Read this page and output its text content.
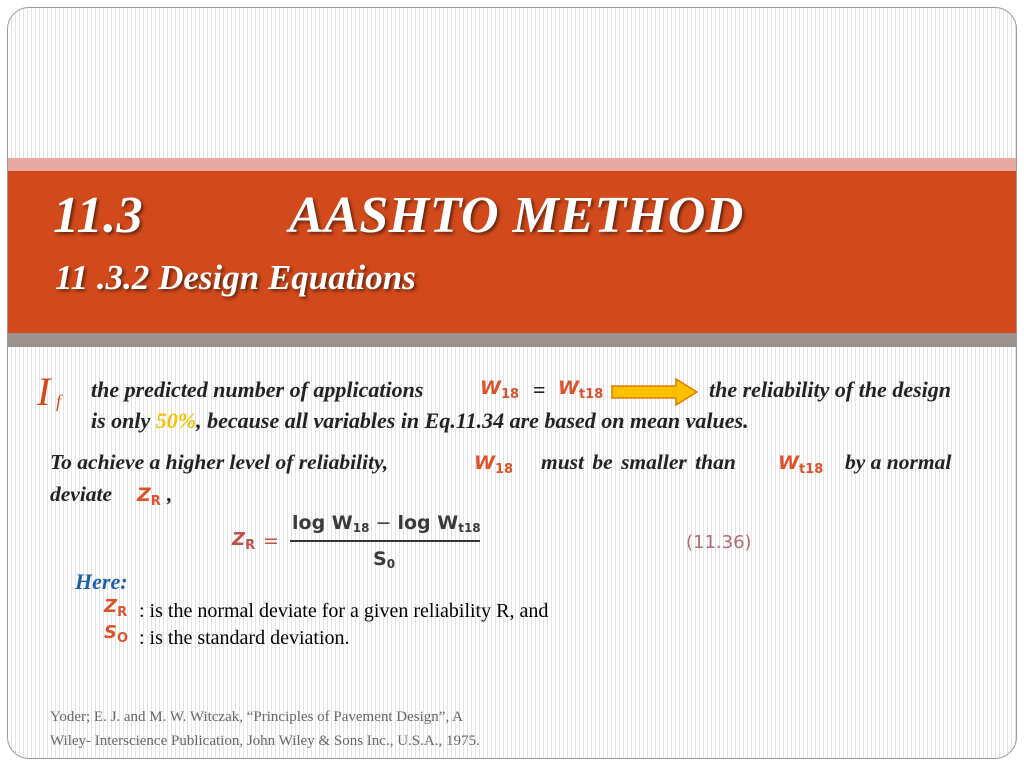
11.3	AASHTO METHOD
11 .3.2 Design Equations
I f the predicted number of applications	$W_{18} = W_{t18}$	the reliability of the design
is only 50%, because all variables in Eq.11.34 are based on mean values.
To achieve a higher level of reliability,	$W_{18}$ must be smaller than $W_{t18}$ by a normal
deviate $Z_R$ ,
$Z_R$ =
$\log W_{18} - \log W_{t18}$
$S_0$
(11.36)
Here:
$Z_R$ : is the normal deviate for a given reliability R, and
$S_O$ : is the standard deviation.
Yoder; E. J. and M. W. Witczak, “Principles of Pavement Design”, A
Wiley- Interscience Publication, John Wiley & Sons Inc., U.S.A., 1975.
